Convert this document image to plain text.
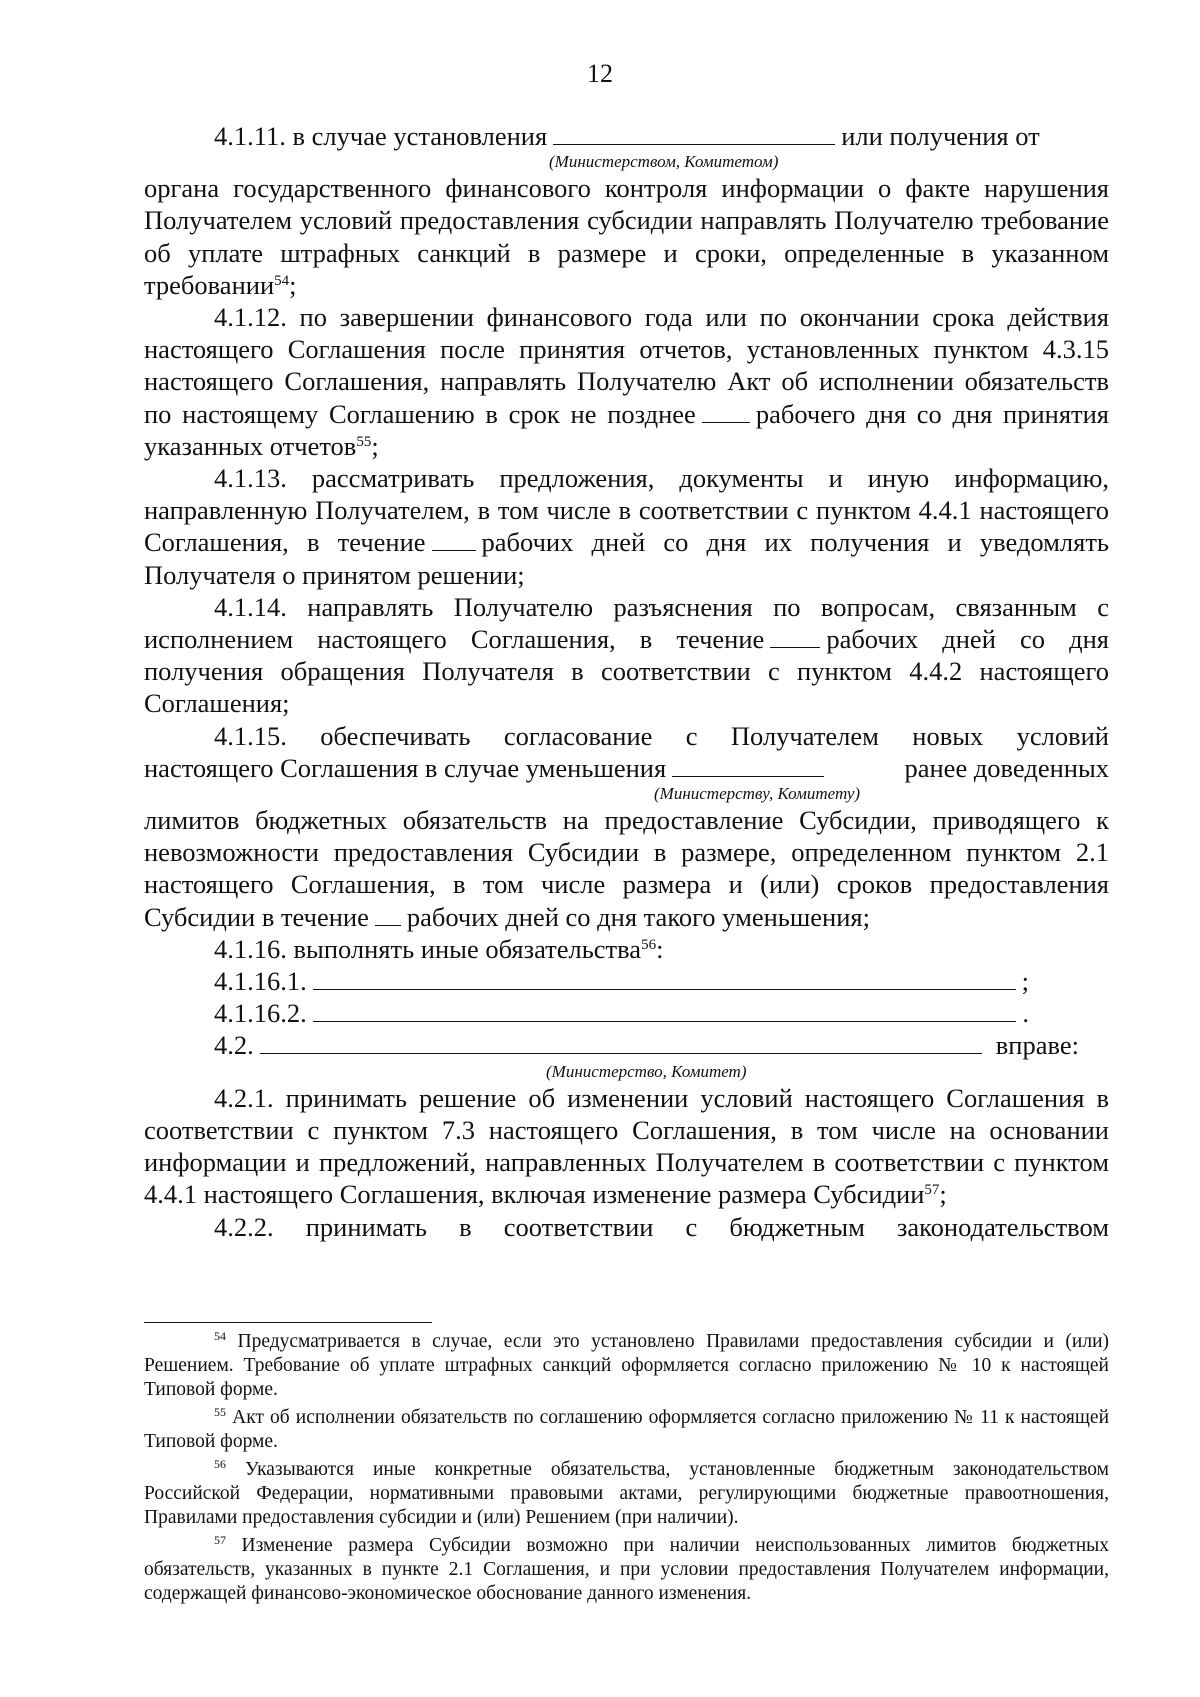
12
4.1.11. в случае установления	или получения от
(Министерством, Комитетом)

органа государственного финансового контроля информации о факте нарушения Получателем условий предоставления субсидии направлять Получателю требование об уплате штрафных санкций в размере и сроки, определенные в указанном требовании$^{54}$;

4.1.12. по завершении финансового года или по окончании срока действия настоящего Соглашения после принятия отчетов, установленных пунктом 4.3.15 настоящего Соглашения, направлять Получателю Акт об исполнении обязательств по настоящему Соглашению в срок не позднее рабочего дня со дня принятия указанных отчетов$^{55}$;

4.1.13. рассматривать предложения, документы и иную информацию, направленную Получателем, в том числе в соответствии с пунктом 4.4.1 настоящего Соглашения, в течение рабочих дней со дня их получения и уведомлять Получателя о принятом решении;

4.1.14. направлять Получателю разъяснения по вопросам, связанным с исполнением настоящего Соглашения, в течение рабочих дней со дня получения обращения Получателя в соответствии с пунктом 4.4.2 настоящего Соглашения;

4.1.15. обеспечивать согласование с Получателем новых условий

настоящего Соглашения в случае уменьшения	ранее доведенных
(Министерству, Комитету)

лимитов бюджетных обязательств на предоставление Субсидии, приводящего к невозможности предоставления Субсидии в размере, определенном пунктом 2.1 настоящего Соглашения, в том числе размера и (или) сроков предоставления Субсидии в течение рабочих дней со дня такого уменьшения;

4.1.16. выполнять иные обязательства$^{56}$:

4.1.16.1.	;
4.1.16.2.	.
4.2.	вправе:
(Министерство, Комитет)

4.2.1. принимать решение об изменении условий настоящего Соглашения в соответствии с пунктом 7.3 настоящего Соглашения, в том числе на основании информации и предложений, направленных Получателем в соответствии с пунктом 4.4.1 настоящего Соглашения, включая изменение размера Субсидии$^{57}$;

4.2.2. принимать в соответствии с бюджетным законодательством

$^{54}$ Предусматривается в случае, если это установлено Правилами предоставления субсидии и (или) Решением. Требование об уплате штрафных санкций оформляется согласно приложению № 10 к настоящей Типовой форме.

$^{55}$ Акт об исполнении обязательств по соглашению оформляется согласно приложению № 11 к настоящей Типовой форме.

$^{56}$ Указываются иные конкретные обязательства, установленные бюджетным законодательством Российской Федерации, нормативными правовыми актами, регулирующими бюджетные правоотношения, Правилами предоставления субсидии и (или) Решением (при наличии).

$^{57}$ Изменение размера Субсидии возможно при наличии неиспользованных лимитов бюджетных обязательств, указанных в пункте 2.1 Соглашения, и при условии предоставления Получателем информации, содержащей финансово-экономическое обоснование данного изменения.
